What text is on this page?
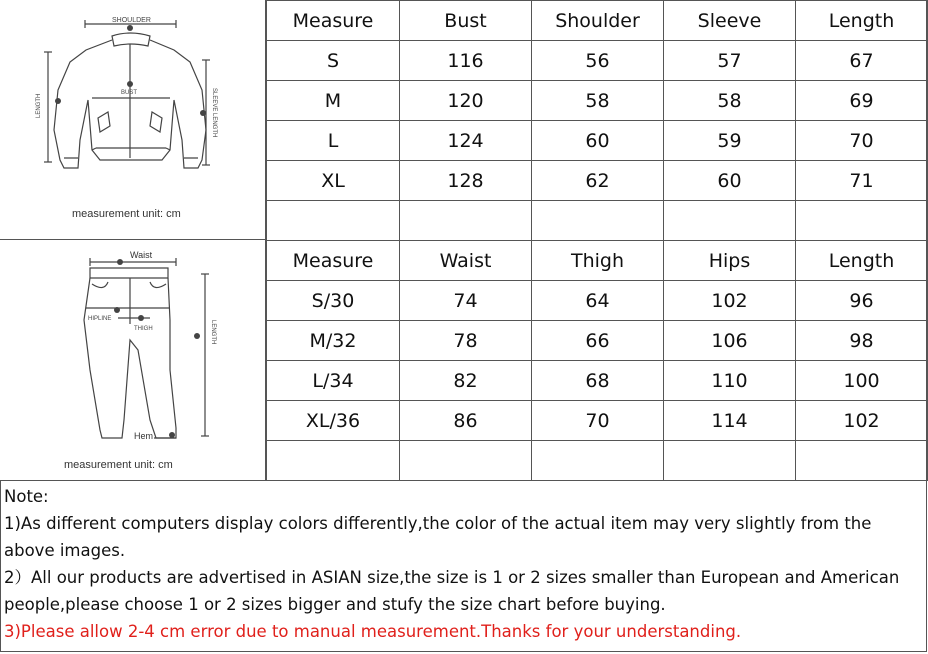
SHOULDER
BUST
LENGTH	SLEEVE LENGTH
measurement unit: cm
Waist
HIPLINE
THIGH	LENGTH
Hem
measurement unit: cm
Measure	Bust	Shoulder	Sleeve	Length
S	116	56	57	67
M	120	58	58	69
L	124	60	59	70
XL	128	62	60	71

Measure	Waist	Thigh	Hips	Length
S/30	74	64	102	96
M/32	78	66	106	98
L/34	82	68	110	100
XL/36	86	70	114	102

Note:

1)As different computers display colors differently,the color of the actual item may very slightly from the above images.

2）All our products are advertised in ASIAN size,the size is 1 or 2 sizes smaller than European and American people,please choose 1 or 2 sizes bigger and stufy the size chart before buying.

3)Please allow 2-4 cm error due to manual measurement.Thanks for your understanding.
